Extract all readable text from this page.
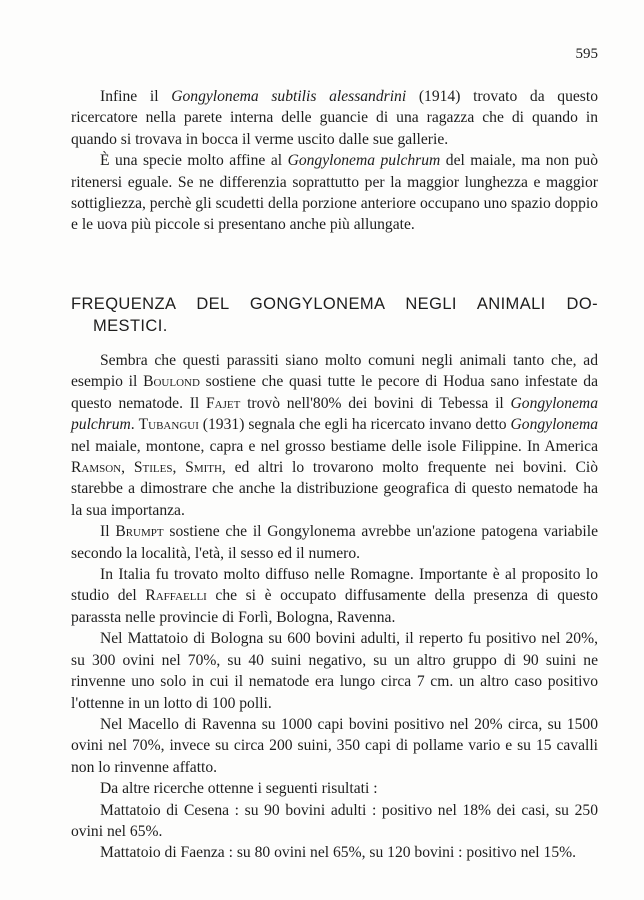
595

Infine il Gongylonema subtilis alessandrini (1914) trovato da questo ricercatore nella parete interna delle guancie di una ragazza che di quando in quando si trovava in bocca il verme uscito dalle sue gallerie.

È una specie molto affine al Gongylonema pulchrum del maiale, ma non può ritenersi eguale. Se ne differenzia soprattutto per la maggior lunghezza e maggior sottigliezza, perchè gli scudetti della porzione anteriore occupano uno spazio doppio e le uova più piccole si presentano anche più allungate.

FREQUENZA DEL GONGYLONEMA NEGLI ANIMALI DO-
MESTICI.

Sembra che questi parassiti siano molto comuni negli animali tanto che, ad esempio il Boulond sostiene che quasi tutte le pecore di Hodua sano infestate da questo nematode. Il Fajet trovò nell'80% dei bovini di Tebessa il Gongylonema pulchrum. Tubangui (1931) segnala che egli ha ricercato invano detto Gongylonema nel maiale, montone, capra e nel grosso bestiame delle isole Filippine. In America Ramson, Stiles, Smith, ed altri lo trovarono molto frequente nei bovini. Ciò starebbe a dimostrare che anche la distribuzione geografica di questo nematode ha la sua importanza.

Il Brumpt sostiene che il Gongylonema avrebbe un'azione patogena variabile secondo la località, l'età, il sesso ed il numero.

In Italia fu trovato molto diffuso nelle Romagne. Importante è al proposito lo studio del Raffaelli che si è occupato diffusamente della presenza di questo parassta nelle provincie di Forlì, Bologna, Ravenna.

Nel Mattatoio di Bologna su 600 bovini adulti, il reperto fu positivo nel 20%, su 300 ovini nel 70%, su 40 suini negativo, su un altro gruppo di 90 suini ne rinvenne uno solo in cui il nematode era lungo circa 7 cm. un altro caso positivo l'ottenne in un lotto di 100 polli.

Nel Macello di Ravenna su 1000 capi bovini positivo nel 20% circa, su 1500 ovini nel 70%, invece su circa 200 suini, 350 capi di pollame vario e su 15 cavalli non lo rinvenne affatto.

Da altre ricerche ottenne i seguenti risultati :

Mattatoio di Cesena : su 90 bovini adulti : positivo nel 18% dei casi, su 250 ovini nel 65%.

Mattatoio di Faenza : su 80 ovini nel 65%, su 120 bovini : positivo nel 15%.
